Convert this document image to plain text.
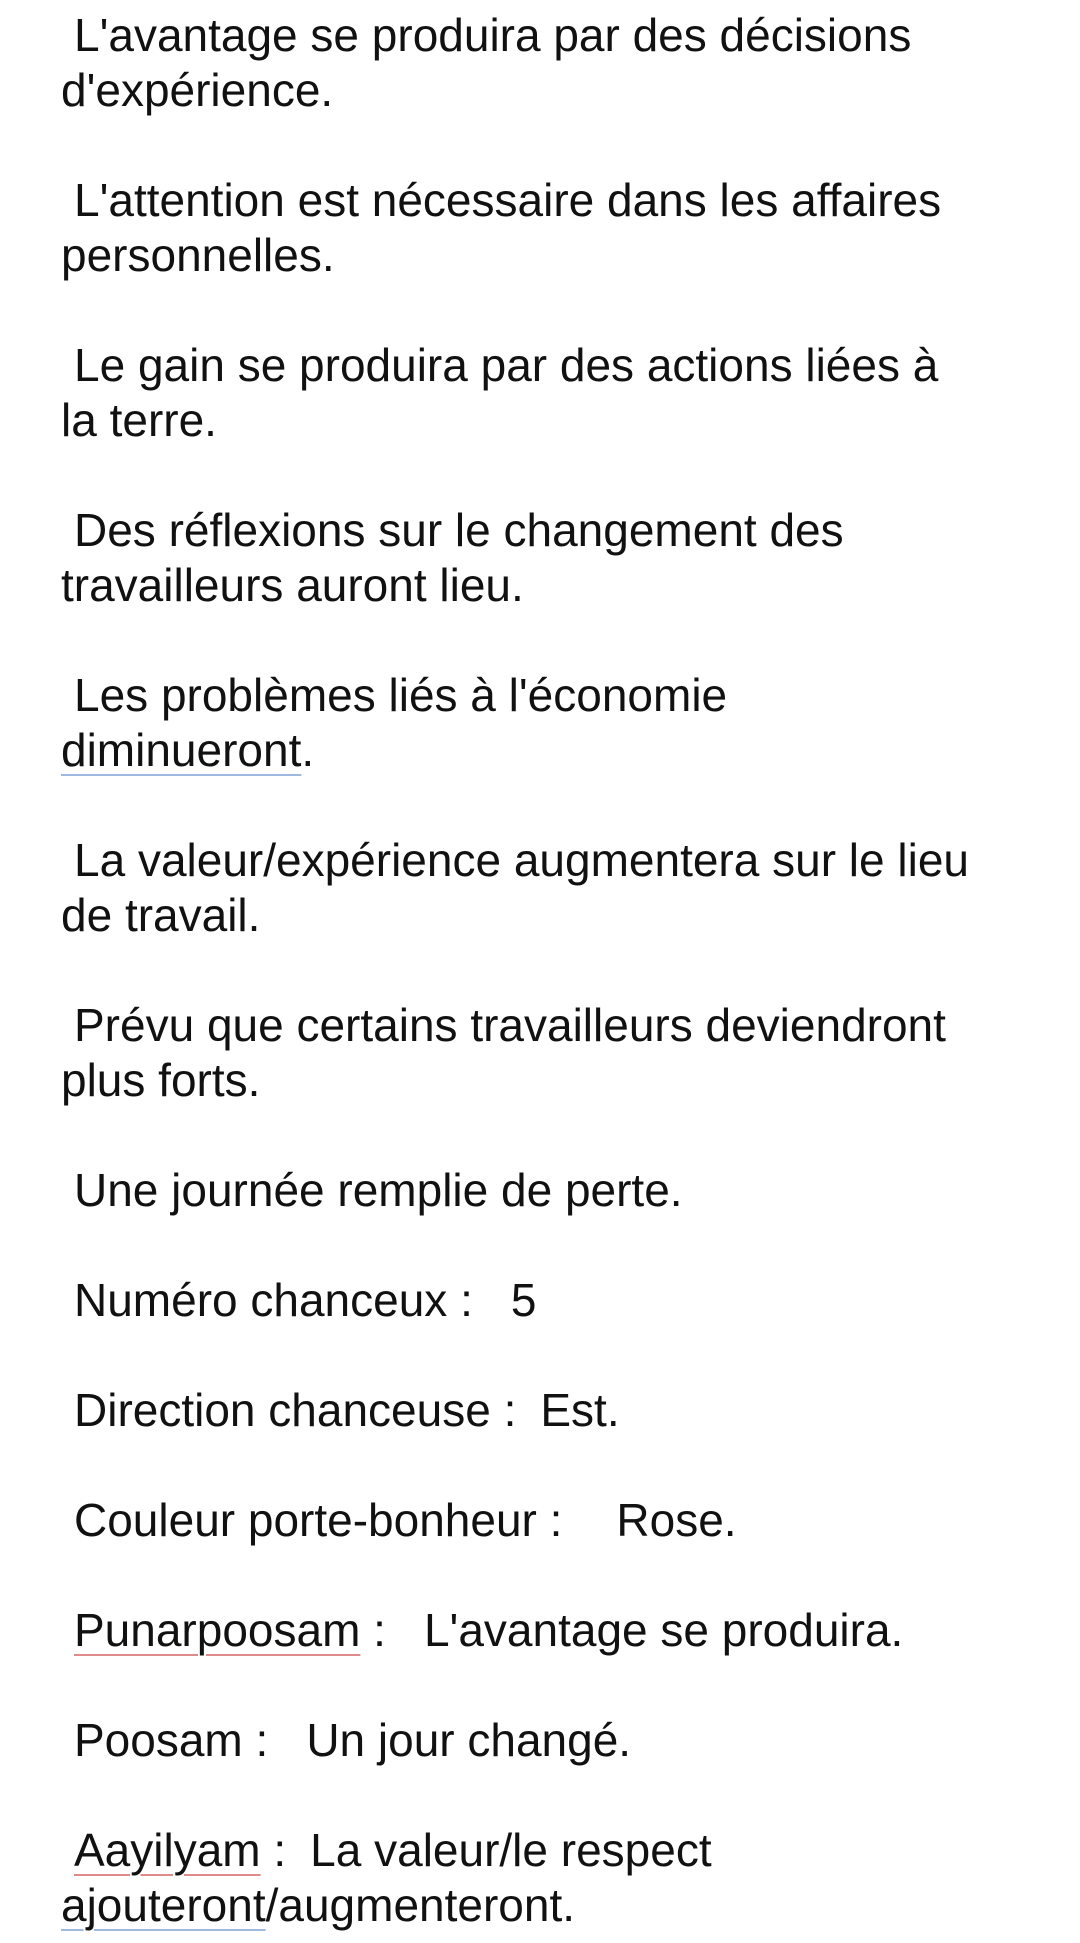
L'avantage se produira par des décisions
d'expérience.

L'attention est nécessaire dans les affaires
personnelles.

Le gain se produira par des actions liées à
la terre.

Des réflexions sur le changement des
travailleurs auront lieu.

Les problèmes liés à l'économie
diminueront.

La valeur/expérience augmentera sur le lieu
de travail.

Prévu que certains travailleurs deviendront
plus forts.

Une journée remplie de perte.

Numéro chanceux : 5

Direction chanceuse : Est.

Couleur porte-bonheur : Rose.

Punarpoosam : L'avantage se produira.

Poosam : Un jour changé.

Aayilyam : La valeur/le respect
ajouteront/augmenteront.
